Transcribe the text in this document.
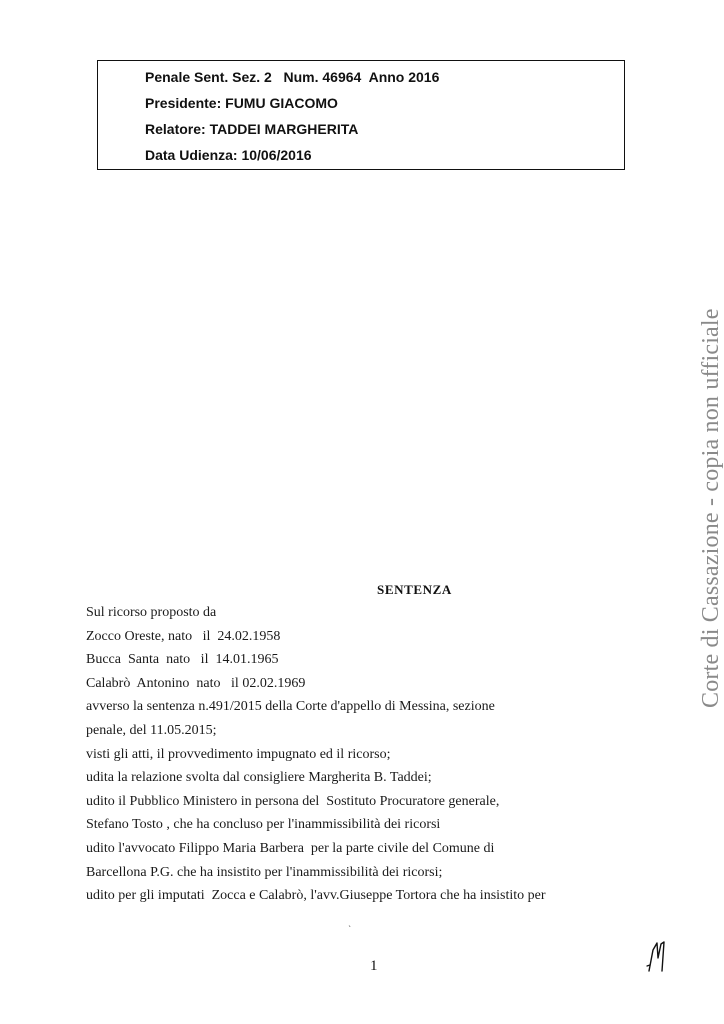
Penale Sent. Sez. 2   Num. 46964  Anno 2016
Presidente: FUMU GIACOMO
Relatore: TADDEI MARGHERITA
Data Udienza: 10/06/2016
Corte di Cassazione - copia non ufficiale
SENTENZA
Sul ricorso proposto da
Zocco Oreste, nato   il  24.02.1958
Bucca  Santa  nato   il  14.01.1965
Calabrò  Antonino  nato   il 02.02.1969
avverso la sentenza n.491/2015 della Corte d'appello di Messina, sezione
penale, del 11.05.2015;
visti gli atti, il provvedimento impugnato ed il ricorso;
udita la relazione svolta dal consigliere Margherita B. Taddei;
udito il Pubblico Ministero in persona del  Sostituto Procuratore generale,
Stefano Tosto , che ha concluso per l'inammissibilità dei ricorsi
udito l'avvocato Filippo Maria Barbera  per la parte civile del Comune di
Barcellona P.G. che ha insistito per l'inammissibilità dei ricorsi;
udito per gli imputati  Zocca e Calabrò, l'avv.Giuseppe Tortora che ha insistito per
`
1
